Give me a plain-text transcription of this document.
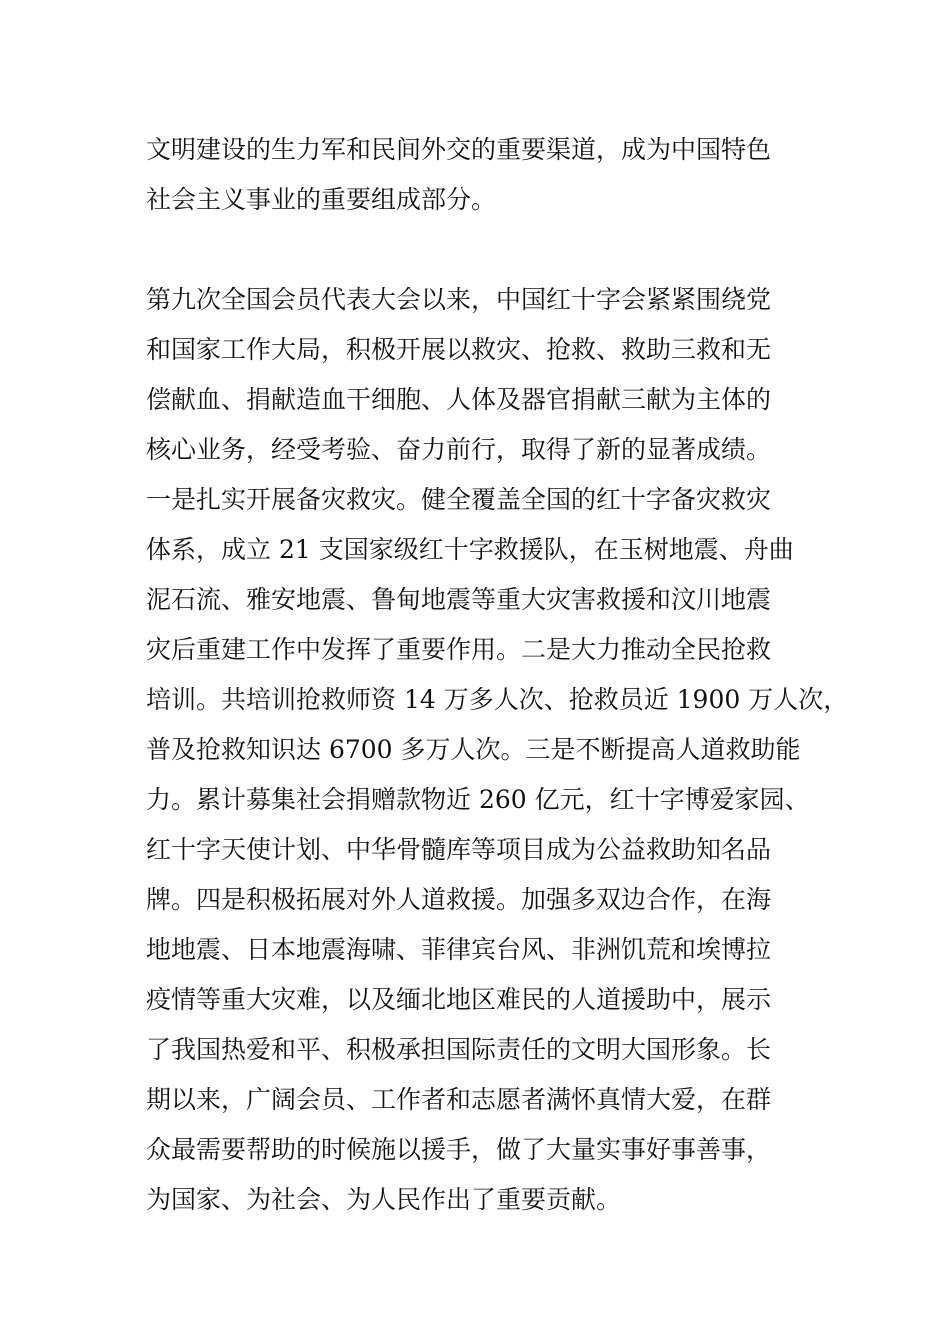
文明建设的生力军和民间外交的重要渠道，成为中国特色
社会主义事业的重要组成部分。
第九次全国会员代表大会以来，中国红十字会紧紧围绕党
和国家工作大局，积极开展以救灾、抢救、救助三救和无
偿献血、捐献造血干细胞、人体及器官捐献三献为主体的
核心业务，经受考验、奋力前行，取得了新的显著成绩。
一是扎实开展备灾救灾。健全覆盖全国的红十字备灾救灾
体系，成立 21 支国家级红十字救援队，在玉树地震、舟曲
泥石流、雅安地震、鲁甸地震等重大灾害救援和汶川地震
灾后重建工作中发挥了重要作用。二是大力推动全民抢救
培训。共培训抢救师资 14 万多人次、抢救员近 1900 万人次，
普及抢救知识达 6700 多万人次。三是不断提高人道救助能
力。累计募集社会捐赠款物近 260 亿元，红十字博爱家园、
红十字天使计划、中华骨髓库等项目成为公益救助知名品
牌。四是积极拓展对外人道救援。加强多双边合作，在海
地地震、日本地震海啸、菲律宾台风、非洲饥荒和埃博拉
疫情等重大灾难，以及缅北地区难民的人道援助中，展示
了我国热爱和平、积极承担国际责任的文明大国形象。长
期以来，广阔会员、工作者和志愿者满怀真情大爱，在群
众最需要帮助的时候施以援手，做了大量实事好事善事，
为国家、为社会、为人民作出了重要贡献。
